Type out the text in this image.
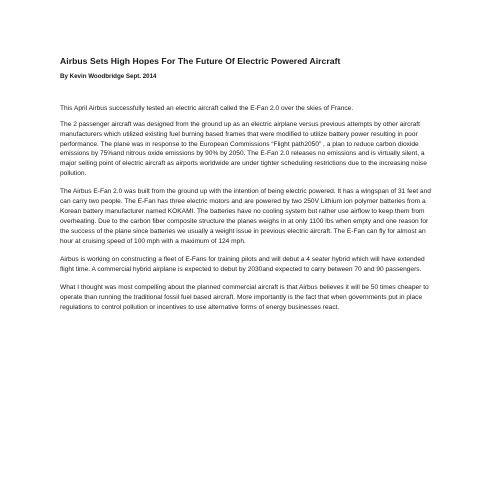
Airbus Sets High Hopes For The Future Of Electric Powered Aircraft
By Kevin Woodbridge Sept. 2014

This April Airbus successfully tested an electric aircraft called the E-Fan 2.0 over the skies of France.

The 2 passenger aircraft was designed from the ground up as an electric airplane versus previous attempts by other aircraft manufacturers which utilized existing fuel burning based frames that were modified to utilize battery power resulting in poor performance. The plane was in response to the European Commissions “Flight path2050” , a plan to reduce carbon dioxide emissions by 75%and nitrous oxide emissions by 90% by 2050. The E-Fan 2.0 releases no emissions and is virtually silent, a major selling point of electric aircraft as airports worldwide are under tighter scheduling restrictions due to the increasing noise pollution.

The Airbus E-Fan 2.0 was built from the ground up with the intention of being electric powered. It has a wingspan of 31 feet and can carry two people. The E-Fan has three electric motors and are powered by two 250V Lithium ion polymer batteries from a Korean battery manufacturer named KOKAMI. The batteries have no cooling system but rather use airflow to keep them from overheating. Due to the carbon fiber composite structure the planes weighs in at only 1100 lbs when empty and one reason for the success of the plane since batteries we usually a weight issue in previous electric aircraft. The E-Fan can fly for almost an hour at cruising speed of 100 mph with a maximum of 124 mph.

Airbus is working on constructing a fleet of E-Fans for training pilots and will debut a 4 seater hybrid which will have extended flight time. A commercial hybrid airplane is expected to debut by 2030and expected to carry between 70 and 90 passengers.

What I thought was most compelling about the planned commercial aircraft is that Airbus believes it will be 50 times cheaper to operate than running the traditional fossil fuel based aircraft. More importantly is the fact that when governments put in place regulations to control pollution or incentives to use alternative forms of energy businesses react.
